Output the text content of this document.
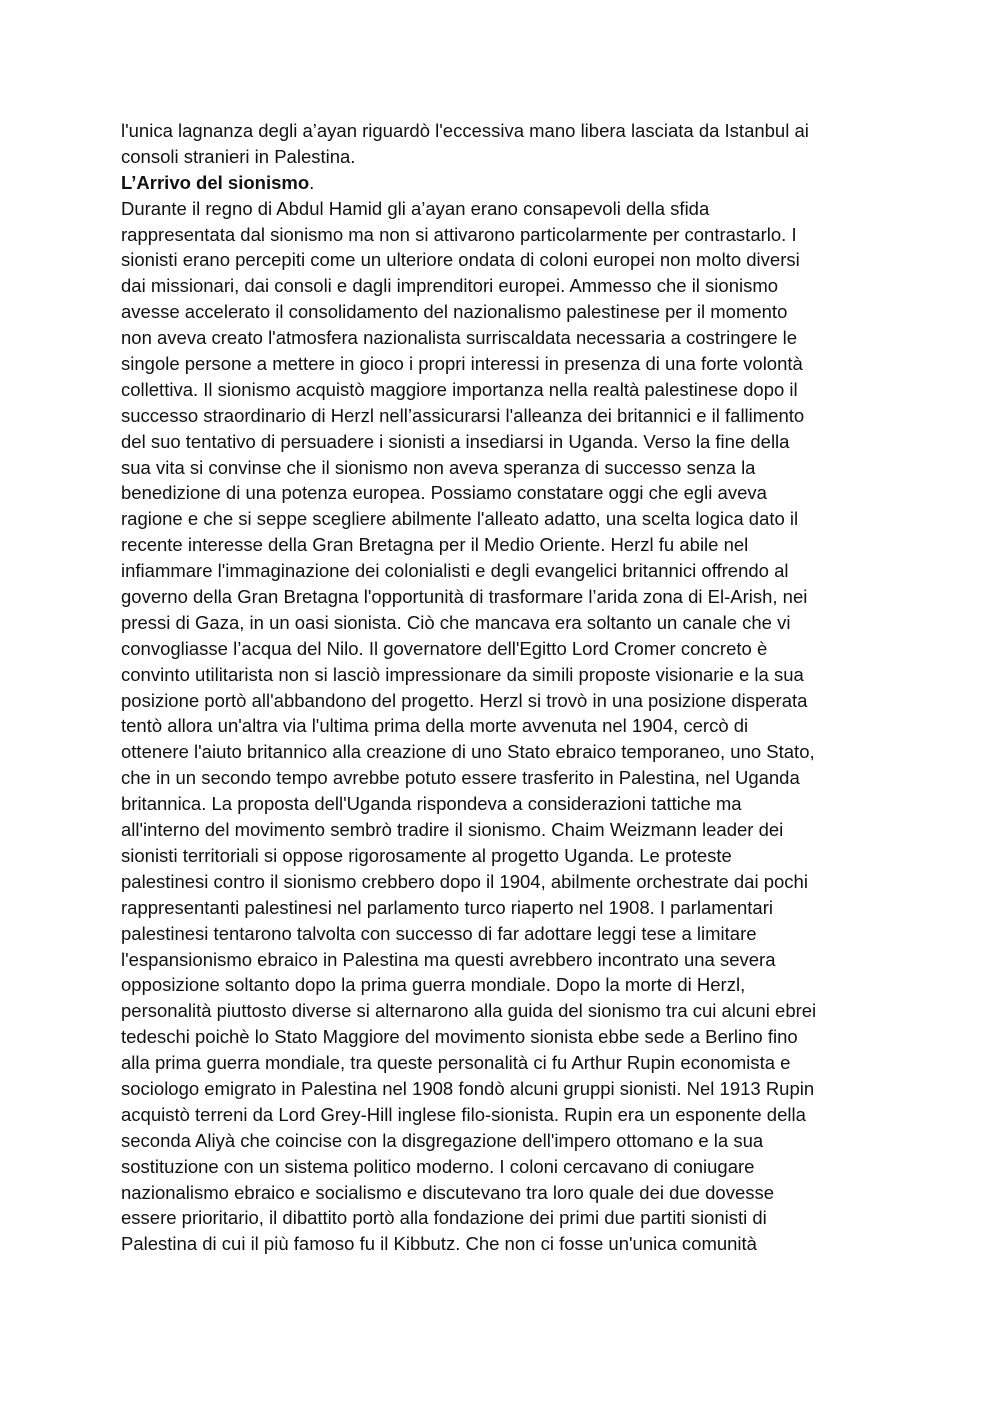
l'unica lagnanza degli a’ayan riguardò l'eccessiva mano libera lasciata da Istanbul ai
consoli stranieri in Palestina.
L’Arrivo del sionismo.
Durante il regno di Abdul Hamid gli a’ayan erano consapevoli della sfida
rappresentata dal sionismo ma non si attivarono particolarmente per contrastarlo. I
sionisti erano percepiti come un ulteriore ondata di coloni europei non molto diversi
dai missionari, dai consoli e dagli imprenditori europei. Ammesso che il sionismo
avesse accelerato il consolidamento del nazionalismo palestinese per il momento
non aveva creato l'atmosfera nazionalista surriscaldata necessaria a costringere le
singole persone a mettere in gioco i propri interessi in presenza di una forte volontà
collettiva. Il sionismo acquistò maggiore importanza nella realtà palestinese dopo il
successo straordinario di Herzl nell’assicurarsi l'alleanza dei britannici e il fallimento
del suo tentativo di persuadere i sionisti a insediarsi in Uganda. Verso la fine della
sua vita si convinse che il sionismo non aveva speranza di successo senza la
benedizione di una potenza europea. Possiamo constatare oggi che egli aveva
ragione e che si seppe scegliere abilmente l'alleato adatto, una scelta logica dato il
recente interesse della Gran Bretagna per il Medio Oriente. Herzl fu abile nel
infiammare l'immaginazione dei colonialisti e degli evangelici britannici offrendo al
governo della Gran Bretagna l'opportunità di trasformare l’arida zona di El-Arish, nei
pressi di Gaza, in un oasi sionista. Ciò che mancava era soltanto un canale che vi
convogliasse l’acqua del Nilo. Il governatore dell'Egitto Lord Cromer concreto è
convinto utilitarista non si lasciò impressionare da simili proposte visionarie e la sua
posizione portò all'abbandono del progetto. Herzl si trovò in una posizione disperata
tentò allora un'altra via l'ultima prima della morte avvenuta nel 1904, cercò di
ottenere l'aiuto britannico alla creazione di uno Stato ebraico temporaneo, uno Stato,
che in un secondo tempo avrebbe potuto essere trasferito in Palestina, nel Uganda
britannica. La proposta dell'Uganda rispondeva a considerazioni tattiche ma
all'interno del movimento sembrò tradire il sionismo. Chaim Weizmann leader dei
sionisti territoriali si oppose rigorosamente al progetto Uganda. Le proteste
palestinesi contro il sionismo crebbero dopo il 1904, abilmente orchestrate dai pochi
rappresentanti palestinesi nel parlamento turco riaperto nel 1908. I parlamentari
palestinesi tentarono talvolta con successo di far adottare leggi tese a limitare
l'espansionismo ebraico in Palestina ma questi avrebbero incontrato una severa
opposizione soltanto dopo la prima guerra mondiale. Dopo la morte di Herzl,
personalità piuttosto diverse si alternarono alla guida del sionismo tra cui alcuni ebrei
tedeschi poichè lo Stato Maggiore del movimento sionista ebbe sede a Berlino fino
alla prima guerra mondiale, tra queste personalità ci fu Arthur Rupin economista e
sociologo emigrato in Palestina nel 1908 fondò alcuni gruppi sionisti. Nel 1913 Rupin
acquistò terreni da Lord Grey-Hill inglese filo-sionista. Rupin era un esponente della
seconda Aliyà che coincise con la disgregazione dell'impero ottomano e la sua
sostituzione con un sistema politico moderno. I coloni cercavano di coniugare
nazionalismo ebraico e socialismo e discutevano tra loro quale dei due dovesse
essere prioritario, il dibattito portò alla fondazione dei primi due partiti sionisti di
Palestina di cui il più famoso fu il Kibbutz. Che non ci fosse un'unica comunità
